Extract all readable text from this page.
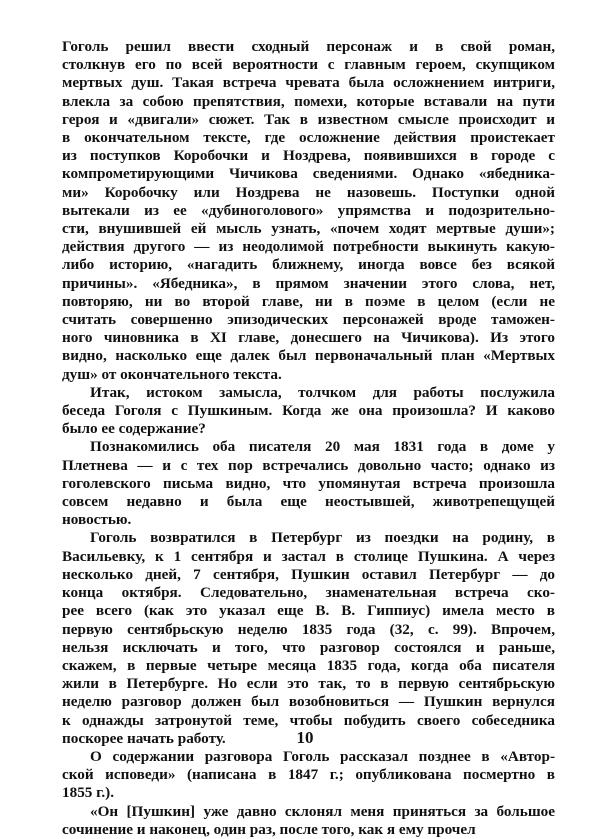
Гоголь решил ввести сходный персонаж и в свой роман,
столкнув его по всей вероятности с главным героем, скупщиком
мертвых душ. Такая встреча чревата была осложнением интриги,
влекла за собою препятствия, помехи, которые вставали на пути
героя и «двигали» сюжет. Так в известном смысле происходит и
в окончательном тексте, где осложнение действия проистекает
из поступков Коробочки и Ноздрева, появившихся в городе с
компрометирующими Чичикова сведениями. Однако «ябедника-
ми» Коробочку или Ноздрева не назовешь. Поступки одной
вытекали из ее «дубиноголового» упрямства и подозрительно-
сти, внушившей ей мысль узнать, «почем ходят мертвые души»;
действия другого — из неодолимой потребности выкинуть какую-
либо историю, «нагадить ближнему, иногда вовсе без всякой
причины». «Ябедника», в прямом значении этого слова, нет,
повторяю, ни во второй главе, ни в поэме в целом (если не
считать совершенно эпизодических персонажей вроде таможен-
ного чиновника в XI главе, донесшего на Чичикова). Из этого
видно, насколько еще далек был первоначальный план «Мертвых
душ» от окончательного текста.
Итак, истоком замысла, толчком для работы послужила
беседа Гоголя с Пушкиным. Когда же она произошла? И каково
было ее содержание?
Познакомились оба писателя 20 мая 1831 года в доме у
Плетнева — и с тех пор встречались довольно часто; однако из
гоголевского письма видно, что упомянутая встреча произошла
совсем недавно и была еще неостывшей, животрепещущей
новостью.
Гоголь возвратился в Петербург из поездки на родину, в
Васильевку, к 1 сентября и застал в столице Пушкина. А через
несколько дней, 7 сентября, Пушкин оставил Петербург — до
конца октября. Следовательно, знаменательная встреча ско-
рее всего (как это указал еще В. В. Гиппиус) имела место в
первую сентябрьскую неделю 1835 года (32, с. 99). Впрочем,
нельзя исключать и того, что разговор состоялся и раньше,
скажем, в первые четыре месяца 1835 года, когда оба писателя
жили в Петербурге. Но если это так, то в первую сентябрьскую
неделю разговор должен был возобновиться — Пушкин вернулся
к однажды затронутой теме, чтобы побудить своего собеседника
поскорее начать работу.
О содержании разговора Гоголь рассказал позднее в «Автор-
ской исповеди» (написана в 1847 г.; опубликована посмертно в
1855 г.).
«Он [Пушкин] уже давно склонял меня приняться за большое
сочинение и наконец, один раз, после того, как я ему прочел
10
